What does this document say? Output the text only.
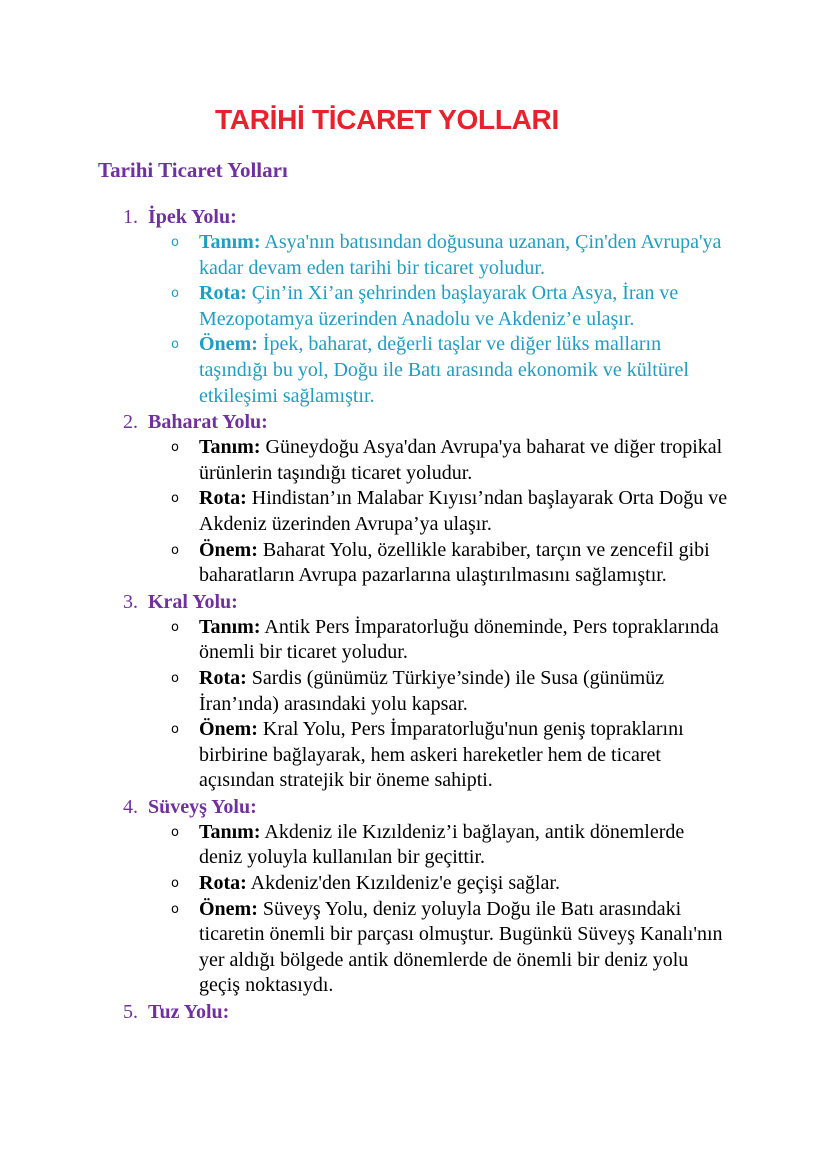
TARİHİ TİCARET YOLLARI
Tarihi Ticaret Yolları
1. İpek Yolu:
o Tanım: Asya'nın batısından doğusuna uzanan, Çin'den Avrupa'ya kadar devam eden tarihi bir ticaret yoludur.
o Rota: Çin’in Xi’an şehrinden başlayarak Orta Asya, İran ve Mezopotamya üzerinden Anadolu ve Akdeniz’e ulaşır.
o Önem: İpek, baharat, değerli taşlar ve diğer lüks malların taşındığı bu yol, Doğu ile Batı arasında ekonomik ve kültürel etkileşimi sağlamıştır.
2. Baharat Yolu:
o Tanım: Güneydoğu Asya'dan Avrupa'ya baharat ve diğer tropikal ürünlerin taşındığı ticaret yoludur.
o Rota: Hindistan’ın Malabar Kıyısı’ndan başlayarak Orta Doğu ve Akdeniz üzerinden Avrupa’ya ulaşır.
o Önem: Baharat Yolu, özellikle karabiber, tarçın ve zencefil gibi baharatların Avrupa pazarlarına ulaştırılmasını sağlamıştır.
3. Kral Yolu:
o Tanım: Antik Pers İmparatorluğu döneminde, Pers topraklarında önemli bir ticaret yoludur.
o Rota: Sardis (günümüz Türkiye’sinde) ile Susa (günümüz İran’ında) arasındaki yolu kapsar.
o Önem: Kral Yolu, Pers İmparatorluğu'nun geniş topraklarını birbirine bağlayarak, hem askeri hareketler hem de ticaret açısından stratejik bir öneme sahipti.
4. Süveyş Yolu:
o Tanım: Akdeniz ile Kızıldeniz’i bağlayan, antik dönemlerde deniz yoluyla kullanılan bir geçittir.
o Rota: Akdeniz'den Kızıldeniz'e geçişi sağlar.
o Önem: Süveyş Yolu, deniz yoluyla Doğu ile Batı arasındaki ticaretin önemli bir parçası olmuştur. Bugünkü Süveyş Kanalı'nın yer aldığı bölgede antik dönemlerde de önemli bir deniz yolu geçiş noktasıydı.
5. Tuz Yolu:
